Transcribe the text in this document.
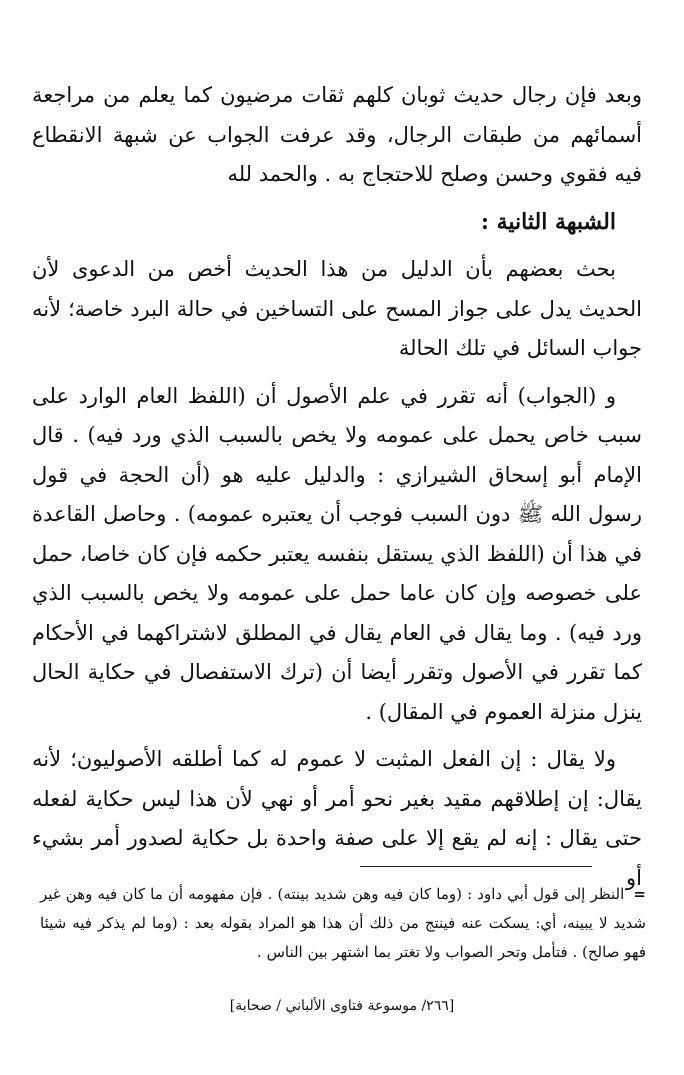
وبعد فإن رجال حديث ثوبان كلهم ثقات مرضيون كما يعلم من مراجعة أسمائهم من طبقات الرجال، وقد عرفت الجواب عن شبهة الانقطاع فيه فقوي وحسن وصلح للاحتجاج به . والحمد لله

الشبهة الثانية :

بحث بعضهم بأن الدليل من هذا الحديث أخص من الدعوى لأن الحديث يدل على جواز المسح على التساخين في حالة البرد خاصة؛ لأنه جواب السائل في تلك الحالة

و (الجواب) أنه تقرر في علم الأصول أن (اللفظ العام الوارد على سبب خاص يحمل على عمومه ولا يخص بالسبب الذي ورد فيه) . قال الإمام أبو إسحاق الشيرازي : والدليل عليه هو (أن الحجة في قول رسول الله ﷺ دون السبب فوجب أن يعتبره عمومه) . وحاصل القاعدة في هذا أن (اللفظ الذي يستقل بنفسه يعتبر حكمه فإن كان خاصا، حمل على خصوصه وإن كان عاما حمل على عمومه ولا يخص بالسبب الذي ورد فيه) . وما يقال في العام يقال في المطلق لاشتراكهما في الأحكام كما تقرر في الأصول وتقرر أيضا أن (ترك الاستفصال في حكاية الحال ينزل منزلة العموم في المقال) .

ولا يقال : إن الفعل المثبت لا عموم له كما أطلقه الأصوليون؛ لأنه يقال: إن إطلاقهم مقيد بغير نحو أمر أو نهي لأن هذا ليس حكاية لفعله حتى يقال : إنه لم يقع إلا على صفة واحدة بل حكاية لصدور أمر بشيء أو

= النظر إلى قول أبي داود : (وما كان فيه وهن شديد بينته) . فإن مفهومه أن ما كان فيه وهن غير شديد لا يبينه، أي: يسكت عنه فينتج من ذلك أن هذا هو المراد بقوله بعد : (وما لم يذكر فيه شيئا فهو صالح) . فتأمل وتحر الصواب ولا تغتر بما اشتهر بين الناس .
[٢٦٦/ موسوعة فتاوى الألباني / صحابة]
